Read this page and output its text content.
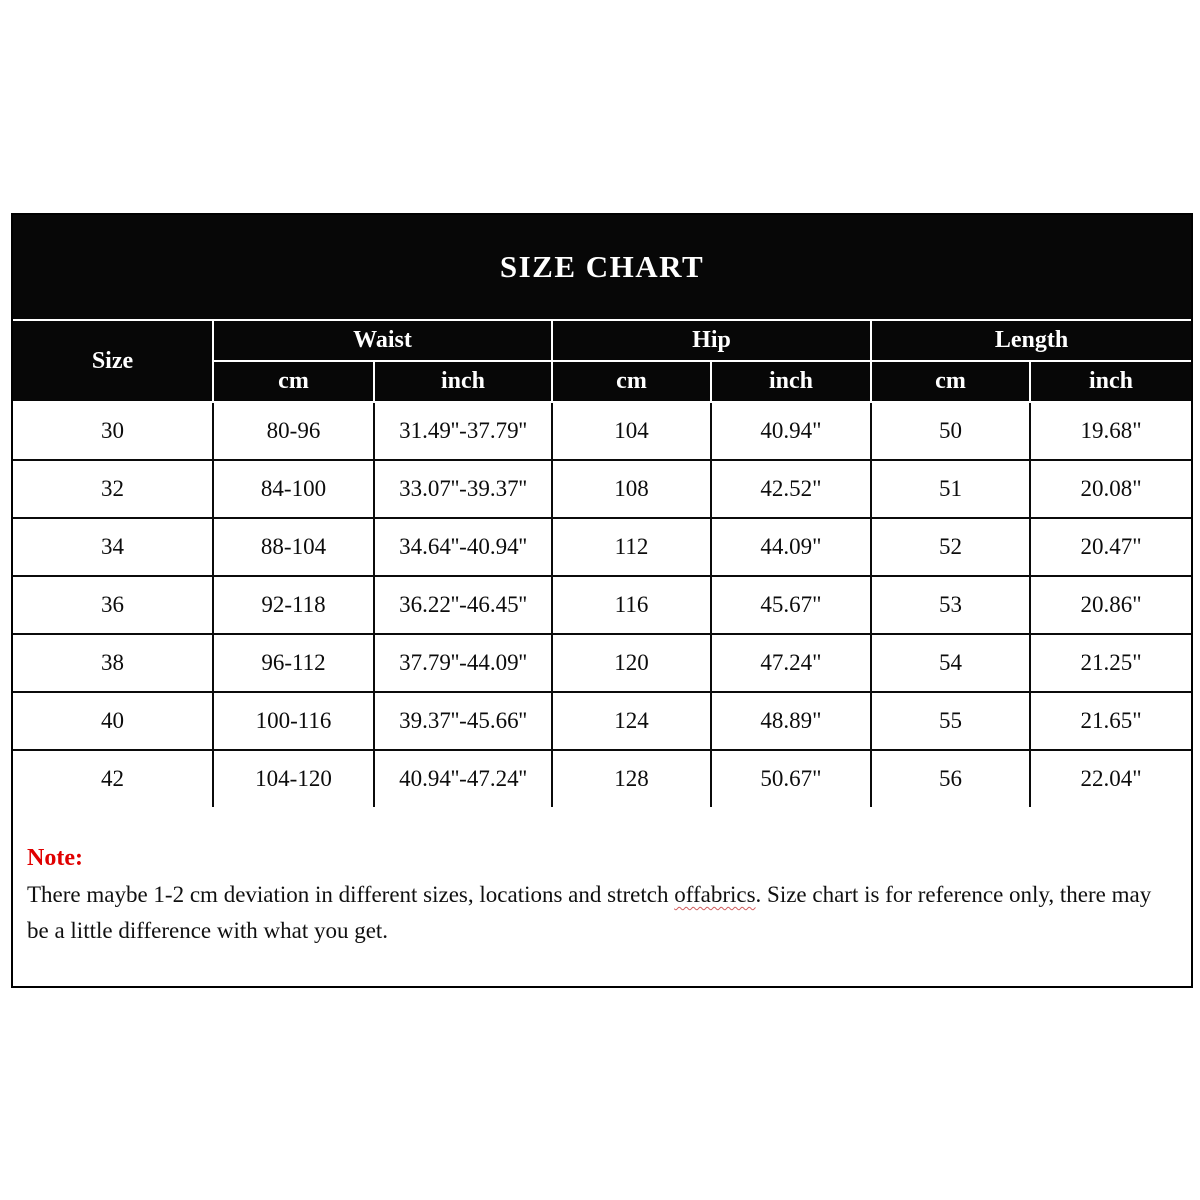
SIZE CHART
Size	Waist		Hip		Length	
	cm	inch	cm	inch	cm	inch
30	80-96	31.49''-37.79''	104	40.94"	50	19.68"
32	84-100	33.07''-39.37''	108	42.52"	51	20.08"
34	88-104	34.64''-40.94''	112	44.09"	52	20.47"
36	92-118	36.22''-46.45''	116	45.67"	53	20.86"
38	96-112	37.79''-44.09''	120	47.24"	54	21.25"
40	100-116	39.37''-45.66''	124	48.89"	55	21.65"
42	104-120	40.94''-47.24''	128	50.67"	56	22.04"
Note:

There maybe 1-2 cm deviation in different sizes, locations and stretch offabrics. Size chart is for reference only, there may be a little difference with what you get.
